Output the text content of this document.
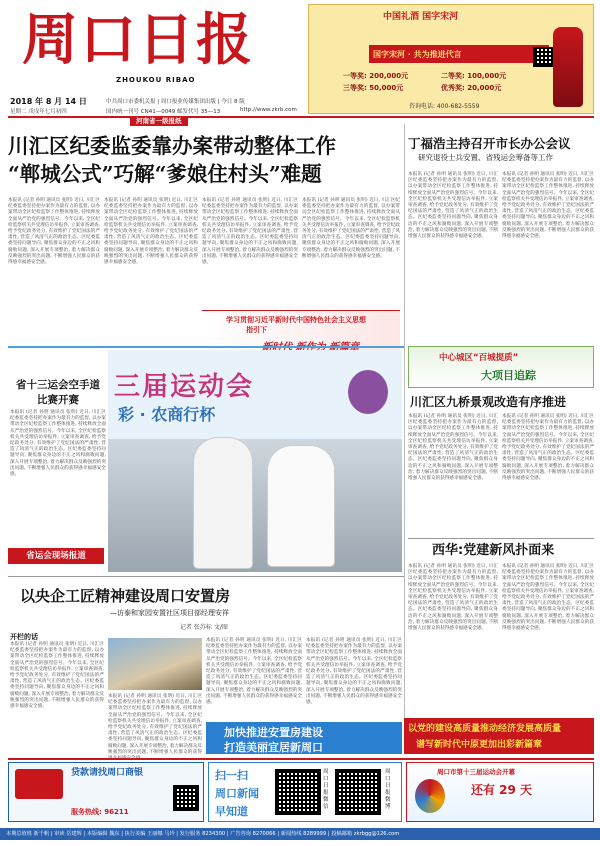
周口日报
ZHOUKOU RIBAO
2018 年 8 月 14 日
星期二 戊戌年七月初四
中共周口市委机关报 | 周口报业传媒集团出版 | 今日 8 版
国内统一刊号 CN41—0049 邮发代号 35—13	http://www.zkrb.com
中国礼酒 国字宋河
国字宋河 · 共为推进代言
一等奖: 200,000元	二等奖: 100,000元
三等奖: 50,000元	优秀奖: 20,000元
咨询电话: 400-682-5559
河南省一级报纸
川汇区纪委监委靠办案带动整体工作
“郸城公式”巧解“爹娘住村头”难题
本报讯 (记者 孙明 通讯员 张明) 近日, 川汇区纪委监委坚持把办案作为最有力的监督, 以办案带动全区纪检监察工作整体推进, 持续释放全面从严治党的强烈信号。今年以来, 全区纪检监察机关共受理信访举报件, 立案审查调查, 给予党纪政务处分, 有效维护了党纪国法的严肃性, 营造了风清气正的政治生态。区纪委监委坚持问题导向, 聚焦群众身边的不正之风和腐败问题, 深入开展专项整治, 着力解决群众反映强烈的突出问题, 不断增强人民群众的获得感幸福感安全感。
本报讯 (记者 孙明 通讯员 张明) 近日, 川汇区纪委监委坚持把办案作为最有力的监督, 以办案带动全区纪检监察工作整体推进, 持续释放全面从严治党的强烈信号。今年以来, 全区纪检监察机关共受理信访举报件, 立案审查调查, 给予党纪政务处分, 有效维护了党纪国法的严肃性, 营造了风清气正的政治生态。区纪委监委坚持问题导向, 聚焦群众身边的不正之风和腐败问题, 深入开展专项整治, 着力解决群众反映强烈的突出问题, 不断增强人民群众的获得感幸福感安全感。
本报讯 (记者 孙明 通讯员 张明) 近日, 川汇区纪委监委坚持把办案作为最有力的监督, 以办案带动全区纪检监察工作整体推进, 持续释放全面从严治党的强烈信号。今年以来, 全区纪检监察机关共受理信访举报件, 立案审查调查, 给予党纪政务处分, 有效维护了党纪国法的严肃性, 营造了风清气正的政治生态。区纪委监委坚持问题导向, 聚焦群众身边的不正之风和腐败问题, 深入开展专项整治, 着力解决群众反映强烈的突出问题, 不断增强人民群众的获得感幸福感安全感。
本报讯 (记者 孙明 通讯员 张明) 近日, 川汇区纪委监委坚持把办案作为最有力的监督, 以办案带动全区纪检监察工作整体推进, 持续释放全面从严治党的强烈信号。今年以来, 全区纪检监察机关共受理信访举报件, 立案审查调查, 给予党纪政务处分, 有效维护了党纪国法的严肃性, 营造了风清气正的政治生态。区纪委监委坚持问题导向, 聚焦群众身边的不正之风和腐败问题, 深入开展专项整治, 着力解决群众反映强烈的突出问题, 不断增强人民群众的获得感幸福感安全感。
学习贯彻习近平新时代中国特色社会主义思想
指引下
丁福浩主持召开市长办公会议
研究退役士兵安置、省残运会筹备等工作
本报讯 (记者 孙明 通讯员 张明) 近日, 川汇区纪委监委坚持把办案作为最有力的监督, 以办案带动全区纪检监察工作整体推进, 持续释放全面从严治党的强烈信号。今年以来, 全区纪检监察机关共受理信访举报件, 立案审查调查, 给予党纪政务处分, 有效维护了党纪国法的严肃性, 营造了风清气正的政治生态。区纪委监委坚持问题导向, 聚焦群众身边的不正之风和腐败问题, 深入开展专项整治, 着力解决群众反映强烈的突出问题, 不断增强人民群众的获得感幸福感安全感。
本报讯 (记者 孙明 通讯员 张明) 近日, 川汇区纪委监委坚持把办案作为最有力的监督, 以办案带动全区纪检监察工作整体推进, 持续释放全面从严治党的强烈信号。今年以来, 全区纪检监察机关共受理信访举报件, 立案审查调查, 给予党纪政务处分, 有效维护了党纪国法的严肃性, 营造了风清气正的政治生态。区纪委监委坚持问题导向, 聚焦群众身边的不正之风和腐败问题, 深入开展专项整治, 着力解决群众反映强烈的突出问题, 不断增强人民群众的获得感幸福感安全感。
中心城区“百城提质”
大项目追踪
川汇区九桥景观改造有序推进
本报讯 (记者 孙明 通讯员 张明) 近日, 川汇区纪委监委坚持把办案作为最有力的监督, 以办案带动全区纪检监察工作整体推进, 持续释放全面从严治党的强烈信号。今年以来, 全区纪检监察机关共受理信访举报件, 立案审查调查, 给予党纪政务处分, 有效维护了党纪国法的严肃性, 营造了风清气正的政治生态。区纪委监委坚持问题导向, 聚焦群众身边的不正之风和腐败问题, 深入开展专项整治, 着力解决群众反映强烈的突出问题, 不断增强人民群众的获得感幸福感安全感。
本报讯 (记者 孙明 通讯员 张明) 近日, 川汇区纪委监委坚持把办案作为最有力的监督, 以办案带动全区纪检监察工作整体推进, 持续释放全面从严治党的强烈信号。今年以来, 全区纪检监察机关共受理信访举报件, 立案审查调查, 给予党纪政务处分, 有效维护了党纪国法的严肃性, 营造了风清气正的政治生态。区纪委监委坚持问题导向, 聚焦群众身边的不正之风和腐败问题, 深入开展专项整治, 着力解决群众反映强烈的突出问题, 不断增强人民群众的获得感幸福感安全感。
西华:党建新风扑面来
本报讯 (记者 孙明 通讯员 张明) 近日, 川汇区纪委监委坚持把办案作为最有力的监督, 以办案带动全区纪检监察工作整体推进, 持续释放全面从严治党的强烈信号。今年以来, 全区纪检监察机关共受理信访举报件, 立案审查调查, 给予党纪政务处分, 有效维护了党纪国法的严肃性, 营造了风清气正的政治生态。区纪委监委坚持问题导向, 聚焦群众身边的不正之风和腐败问题, 深入开展专项整治, 着力解决群众反映强烈的突出问题, 不断增强人民群众的获得感幸福感安全感。
本报讯 (记者 孙明 通讯员 张明) 近日, 川汇区纪委监委坚持把办案作为最有力的监督, 以办案带动全区纪检监察工作整体推进, 持续释放全面从严治党的强烈信号。今年以来, 全区纪检监察机关共受理信访举报件, 立案审查调查, 给予党纪政务处分, 有效维护了党纪国法的严肃性, 营造了风清气正的政治生态。区纪委监委坚持问题导向, 聚焦群众身边的不正之风和腐败问题, 深入开展专项整治, 着力解决群众反映强烈的突出问题, 不断增强人民群众的获得感幸福感安全感。
以党的建设高质量推动经济发展高质量
谱写新时代中原更加出彩新篇章
省十三运会空手道比赛开赛
本报讯 (记者 孙明 通讯员 张明) 近日, 川汇区纪委监委坚持把办案作为最有力的监督, 以办案带动全区纪检监察工作整体推进, 持续释放全面从严治党的强烈信号。今年以来, 全区纪检监察机关共受理信访举报件, 立案审查调查, 给予党纪政务处分, 有效维护了党纪国法的严肃性, 营造了风清气正的政治生态。区纪委监委坚持问题导向, 聚焦群众身边的不正之风和腐败问题, 深入开展专项整治, 着力解决群众反映强烈的突出问题, 不断增强人民群众的获得感幸福感安全感。
三届运动会
彩 · 农商行杯
省运会现场报道
以央企工匠精神建设周口安置房
—访泰和家园安置社区项目部经理安祥
记者 张苏标 文/图
开栏的话
本报讯 (记者 孙明 通讯员 张明) 近日, 川汇区纪委监委坚持把办案作为最有力的监督, 以办案带动全区纪检监察工作整体推进, 持续释放全面从严治党的强烈信号。今年以来, 全区纪检监察机关共受理信访举报件, 立案审查调查, 给予党纪政务处分, 有效维护了党纪国法的严肃性, 营造了风清气正的政治生态。区纪委监委坚持问题导向, 聚焦群众身边的不正之风和腐败问题, 深入开展专项整治, 着力解决群众反映强烈的突出问题, 不断增强人民群众的获得感幸福感安全感。
本报讯 (记者 孙明 通讯员 张明) 近日, 川汇区纪委监委坚持把办案作为最有力的监督, 以办案带动全区纪检监察工作整体推进, 持续释放全面从严治党的强烈信号。今年以来, 全区纪检监察机关共受理信访举报件, 立案审查调查, 给予党纪政务处分, 有效维护了党纪国法的严肃性, 营造了风清气正的政治生态。区纪委监委坚持问题导向, 聚焦群众身边的不正之风和腐败问题, 深入开展专项整治, 着力解决群众反映强烈的突出问题, 不断增强人民群众的获得
本报讯 (记者 孙明 通讯员 张明) 近日, 川汇区纪委监委坚持把办案作为最有力的监督, 以办案带动全区纪检监察工作整体推进, 持续释放全面从严治党的强烈信号。今年以来, 全区纪检监察机关共受理信访举报件, 立案审查调查, 给予党纪政务处分, 有效维护了党纪国法的严肃性, 营造了风清气正的政治生态。区纪委监委坚持问题导向, 聚焦群众身边的不正之风和腐败问题, 深入开展专项整治, 着力解决群众反映强烈的突出问题, 不断增强人民群众的获得感幸福感安全感。
本报讯 (记者 孙明 通讯员 张明) 近日, 川汇区纪委监委坚持把办案作为最有力的监督, 以办案带动全区纪检监察工作整体推进, 持续释放全面从严治党的强烈信号。今年以来, 全区纪检监察机关共受理信访举报件, 立案审查调查, 给予党纪政务处分, 有效维护了党纪国法的严肃性, 营造了风清气正的政治生态。区纪委监委坚持问题导向, 聚焦群众身边的不正之风和腐败问题, 深入开展专项整治, 着力解决群众反映强烈的突出问题, 不断增强人民群众的获得感幸福感安全感。
加快推进安置房建设
打造美丽宜居新周口
贷款请找周口商银
服务热线: 96211
扫一扫
周口新闻
早知道
周口日报微信
周口日报微博
周口市第十三届运动会开幕
还有 29 天
本期总值班 新千帆 | 审读 岳建辉 | 本版编辑 魏东 | 执行美编 王丽娜 马玲 | 发行服务 8234300 | 广告咨询 8270066 | 新闻热线 8289999 | 投稿邮箱 zkrbgg@126.com
